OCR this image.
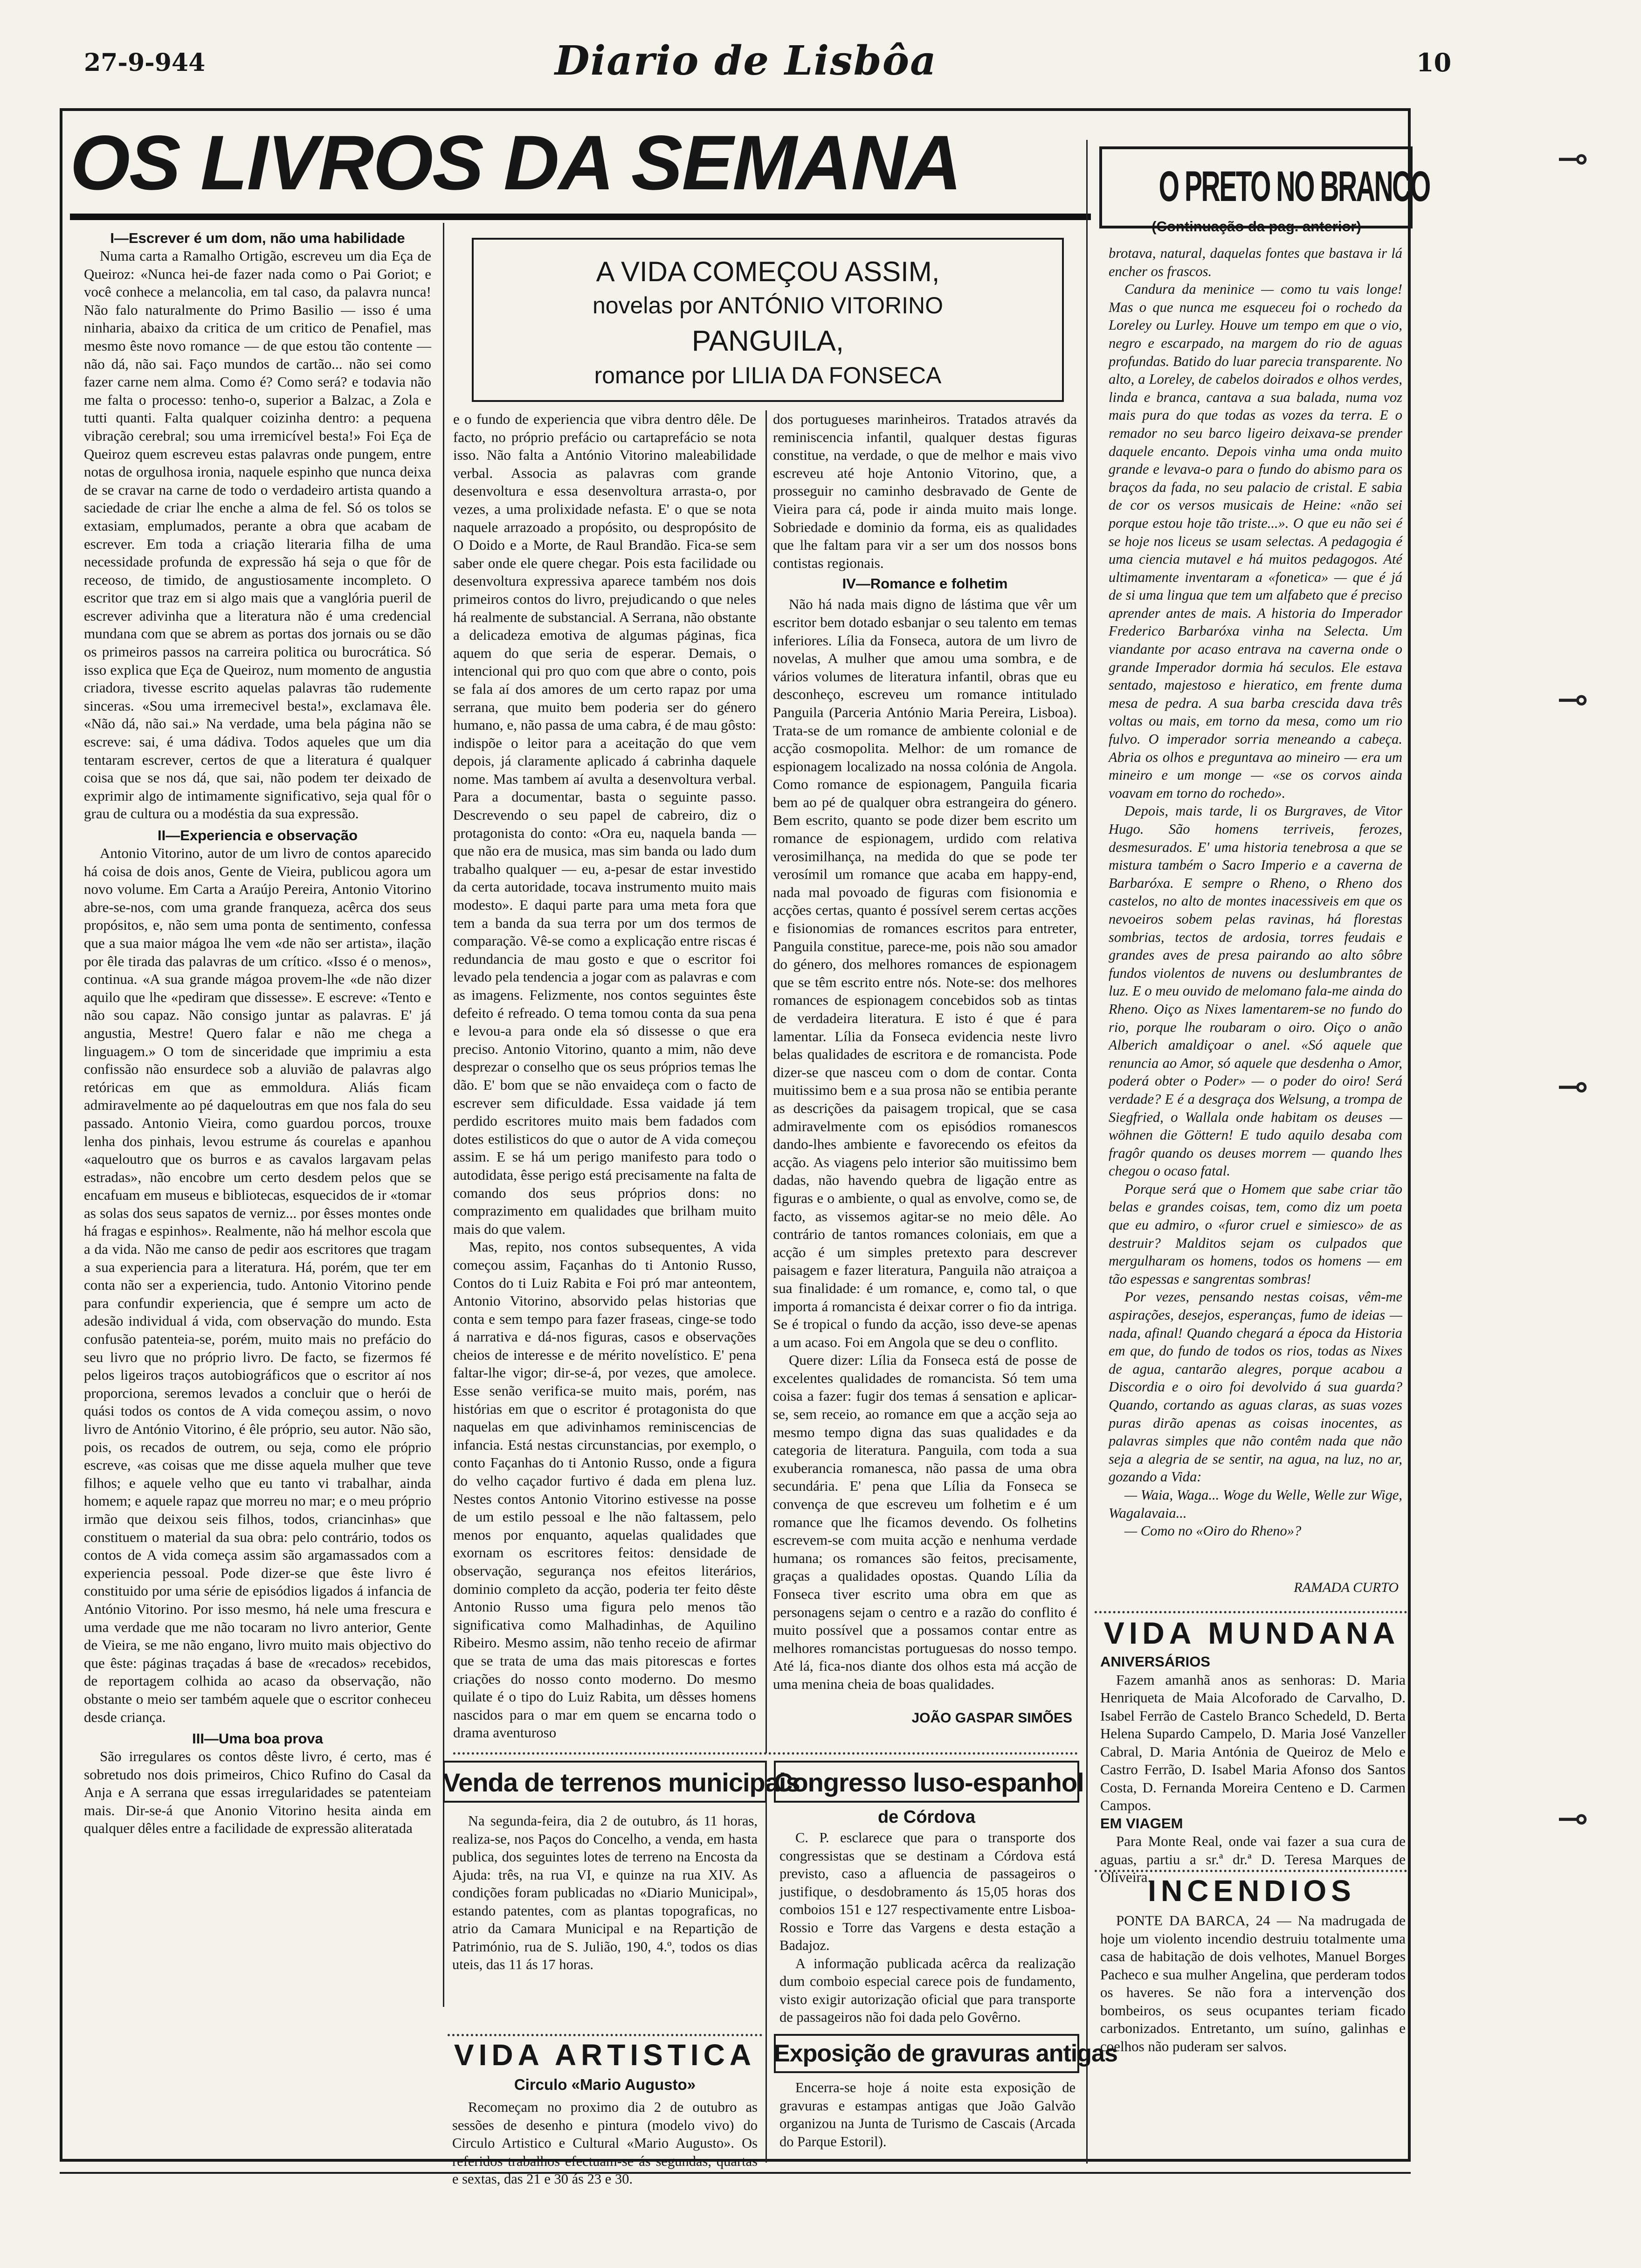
27-9-944	Diario de Lisbôa	10
OS LIVROS DA SEMANA
A VIDA COMEÇOU ASSIM,
novelas por ANTÓNIO VITORINO
PANGUILA,
romance por LILIA DA FONSECA
I—Escrever é um dom, não uma habilidade

Numa carta a Ramalho Ortigão, escreveu um dia Eça de Queiroz: «Nunca hei-de fazer nada como o Pai Goriot; e você conhece a melancolia, em tal caso, da palavra nunca! Não falo naturalmente do Primo Basilio — isso é uma ninharia, abaixo da critica de um critico de Penafiel, mas mesmo êste novo romance — de que estou tão contente — não dá, não sai. Faço mundos de cartão... não sei como fazer carne nem alma. Como é? Como será? e todavia não me falta o processo: tenho-o, superior a Balzac, a Zola e tutti quanti. Falta qualquer coizinha dentro: a pequena vibração cerebral; sou uma irremicível besta!» Foi Eça de Queiroz quem escreveu estas palavras onde pungem, entre notas de orgulhosa ironia, naquele espinho que nunca deixa de se cravar na carne de todo o verdadeiro artista quando a saciedade de criar lhe enche a alma de fel. Só os tolos se extasiam, emplumados, perante a obra que acabam de escrever. Em toda a criação literaria filha de uma necessidade profunda de expressão há seja o que fôr de receoso, de timido, de angustiosamente incompleto. O escritor que traz em si algo mais que a vanglória pueril de escrever adivinha que a literatura não é uma credencial mundana com que se abrem as portas dos jornais ou se dão os primeiros passos na carreira politica ou burocrática. Só isso explica que Eça de Queiroz, num momento de angustia criadora, tivesse escrito aquelas palavras tão rudemente sinceras. «Sou uma irremecivel besta!», exclamava êle. «Não dá, não sai.» Na verdade, uma bela página não se escreve: sai, é uma dádiva. Todos aqueles que um dia tentaram escrever, certos de que a literatura é qualquer coisa que se nos dá, que sai, não podem ter deixado de exprimir algo de intimamente significativo, seja qual fôr o grau de cultura ou a modéstia da sua expressão.

II—Experiencia e observação

Antonio Vitorino, autor de um livro de contos aparecido há coisa de dois anos, Gente de Vieira, publicou agora um novo volume. Em Carta a Araújo Pereira, Antonio Vitorino abre-se-nos, com uma grande franqueza, acêrca dos seus propósitos, e, não sem uma ponta de sentimento, confessa que a sua maior mágoa lhe vem «de não ser artista», ilação por êle tirada das palavras de um crítico. «Isso é o menos», continua. «A sua grande mágoa provem-lhe «de não dizer aquilo que lhe «pediram que dissesse». E escreve: «Tento e não sou capaz. Não consigo juntar as palavras. E' já angustia, Mestre! Quero falar e não me chega a linguagem.» O tom de sinceridade que imprimiu a esta confissão não ensurdece sob a aluvião de palavras algo retóricas em que as emmoldura. Aliás ficam admiravelmente ao pé daqueloutras em que nos fala do seu passado. Antonio Vieira, como guardou porcos, trouxe lenha dos pinhais, levou estrume ás courelas e apanhou «aqueloutro que os burros e as cavalos largavam pelas estradas», não encobre um certo desdem pelos que se encafuam em museus e bibliotecas, esquecidos de ir «tomar as solas dos seus sapatos de verniz... por êsses montes onde há fragas e espinhos». Realmente, não há melhor escola que a da vida. Não me canso de pedir aos escritores que tragam a sua experiencia para a literatura. Há, porém, que ter em conta não ser a experiencia, tudo. Antonio Vitorino pende para confundir experiencia, que é sempre um acto de adesão individual á vida, com observação do mundo. Esta confusão patenteia-se, porém, muito mais no prefácio do seu livro que no próprio livro. De facto, se fizermos fé pelos ligeiros traços autobiográficos que o escritor aí nos proporciona, seremos levados a concluir que o herói de quási todos os contos de A vida começou assim, o novo livro de António Vitorino, é êle próprio, seu autor. Não são, pois, os recados de outrem, ou seja, como ele próprio escreve, «as coisas que me disse aquela mulher que teve filhos; e aquele velho que eu tanto vi trabalhar, ainda homem; e aquele rapaz que morreu no mar; e o meu próprio irmão que deixou seis filhos, todos, criancinhas» que constituem o material da sua obra: pelo contrário, todos os contos de A vida começa assim são argamassados com a experiencia pessoal. Pode dizer-se que êste livro é constituido por uma série de episódios ligados á infancia de António Vitorino. Por isso mesmo, há nele uma frescura e uma verdade que me não tocaram no livro anterior, Gente de Vieira, se me não engano, livro muito mais objectivo do que êste: páginas traçadas á base de «recados» recebidos, de reportagem colhida ao acaso da observação, não obstante o meio ser também aquele que o escritor conheceu desde criança.

III—Uma boa prova

São irregulares os contos dêste livro, é certo, mas é sobretudo nos dois primeiros, Chico Rufino do Casal da Anja e A serrana que essas irregularidades se patenteiam mais. Dir-se-á que Anonio Vitorino hesita ainda em qualquer dêles entre a facilidade de expressão aliteratada

e o fundo de experiencia que vibra dentro dêle. De facto, no próprio prefácio ou cartaprefácio se nota isso. Não falta a António Vitorino maleabilidade verbal. Associa as palavras com grande desenvoltura e essa desenvoltura arrasta-o, por vezes, a uma prolixidade nefasta. E' o que se nota naquele arrazoado a propósito, ou despropósito de O Doido e a Morte, de Raul Brandão. Fica-se sem saber onde ele quere chegar. Pois esta facilidade ou desenvoltura expressiva aparece também nos dois primeiros contos do livro, prejudicando o que neles há realmente de substancial. A Serrana, não obstante a delicadeza emotiva de algumas páginas, fica aquem do que seria de esperar. Demais, o intencional qui pro quo com que abre o conto, pois se fala aí dos amores de um certo rapaz por uma serrana, que muito bem poderia ser do género humano, e, não passa de uma cabra, é de mau gôsto: indispõe o leitor para a aceitação do que vem depois, já claramente aplicado á cabrinha daquele nome. Mas tambem aí avulta a desenvoltura verbal. Para a documentar, basta o seguinte passo. Descrevendo o seu papel de cabreiro, diz o protagonista do conto: «Ora eu, naquela banda — que não era de musica, mas sim banda ou lado dum trabalho qualquer — eu, a-pesar de estar investido da certa autoridade, tocava instrumento muito mais modesto». E daqui parte para uma meta fora que tem a banda da sua terra por um dos termos de comparação. Vê-se como a explicação entre riscas é redundancia de mau gosto e que o escritor foi levado pela tendencia a jogar com as palavras e com as imagens. Felizmente, nos contos seguintes êste defeito é refreado. O tema tomou conta da sua pena e levou-a para onde ela só dissesse o que era preciso. Antonio Vitorino, quanto a mim, não deve desprezar o conselho que os seus próprios temas lhe dão. E' bom que se não envaideça com o facto de escrever sem dificuldade. Essa vaidade já tem perdido escritores muito mais bem fadados com dotes estilisticos do que o autor de A vida começou assim. E se há um perigo manifesto para todo o autodidata, êsse perigo está precisamente na falta de comando dos seus próprios dons: no comprazimento em qualidades que brilham muito mais do que valem.

Mas, repito, nos contos subsequentes, A vida começou assim, Façanhas do ti Antonio Russo, Contos do ti Luiz Rabita e Foi pró mar anteontem, Antonio Vitorino, absorvido pelas historias que conta e sem tempo para fazer fraseas, cinge-se todo á narrativa e dá-nos figuras, casos e observações cheios de interesse e de mérito novelístico. E' pena faltar-lhe vigor; dir-se-á, por vezes, que amolece. Esse senão verifica-se muito mais, porém, nas histórias em que o escritor é protagonista do que naquelas em que adivinhamos reminiscencias de infancia. Está nestas circunstancias, por exemplo, o conto Façanhas do ti Antonio Russo, onde a figura do velho caçador furtivo é dada em plena luz. Nestes contos Antonio Vitorino estivesse na posse de um estilo pessoal e lhe não faltassem, pelo menos por enquanto, aquelas qualidades que exornam os escritores feitos: densidade de observação, segurança nos efeitos literários, dominio completo da acção, poderia ter feito dêste Antonio Russo uma figura pelo menos tão significativa como Malhadinhas, de Aquilino Ribeiro. Mesmo assim, não tenho receio de afirmar que se trata de uma das mais pitorescas e fortes criações do nosso conto moderno. Do mesmo quilate é o tipo do Luiz Rabita, um dêsses homens nascidos para o mar em quem se encarna todo o drama aventuroso

dos portugueses marinheiros. Tratados através da reminiscencia infantil, qualquer destas figuras constitue, na verdade, o que de melhor e mais vivo escreveu até hoje Antonio Vitorino, que, a prosseguir no caminho desbravado de Gente de Vieira para cá, pode ir ainda muito mais longe. Sobriedade e dominio da forma, eis as qualidades que lhe faltam para vir a ser um dos nossos bons contistas regionais.

IV—Romance e folhetim

Não há nada mais digno de lástima que vêr um escritor bem dotado esbanjar o seu talento em temas inferiores. Lília da Fonseca, autora de um livro de novelas, A mulher que amou uma sombra, e de vários volumes de literatura infantil, obras que eu desconheço, escreveu um romance intitulado Panguila (Parceria António Maria Pereira, Lisboa). Trata-se de um romance de ambiente colonial e de acção cosmopolita. Melhor: de um romance de espionagem localizado na nossa colónia de Angola. Como romance de espionagem, Panguila ficaria bem ao pé de qualquer obra estrangeira do género. Bem escrito, quanto se pode dizer bem escrito um romance de espionagem, urdido com relativa verosimilhança, na medida do que se pode ter verosímil um romance que acaba em happy-end, nada mal povoado de figuras com fisionomia e acções certas, quanto é possível serem certas acções e fisionomias de romances escritos para entreter, Panguila constitue, parece-me, pois não sou amador do género, dos melhores romances de espionagem que se têm escrito entre nós. Note-se: dos melhores romances de espionagem concebidos sob as tintas de verdadeira literatura. E isto é que é para lamentar. Lília da Fonseca evidencia neste livro belas qualidades de escritora e de romancista. Pode dizer-se que nasceu com o dom de contar. Conta muitissimo bem e a sua prosa não se entibia perante as descrições da paisagem tropical, que se casa admiravelmente com os episódios romanescos dando-lhes ambiente e favorecendo os efeitos da acção. As viagens pelo interior são muitissimo bem dadas, não havendo quebra de ligação entre as figuras e o ambiente, o qual as envolve, como se, de facto, as vissemos agitar-se no meio dêle. Ao contrário de tantos romances coloniais, em que a acção é um simples pretexto para descrever paisagem e fazer literatura, Panguila não atraiçoa a sua finalidade: é um romance, e, como tal, o que importa á romancista é deixar correr o fio da intriga. Se é tropical o fundo da acção, isso deve-se apenas a um acaso. Foi em Angola que se deu o conflito.

Quere dizer: Lília da Fonseca está de posse de excelentes qualidades de romancista. Só tem uma coisa a fazer: fugir dos temas á sensation e aplicar-se, sem receio, ao romance em que a acção seja ao mesmo tempo digna das suas qualidades e da categoria de literatura. Panguila, com toda a sua exuberancia romanesca, não passa de uma obra secundária. E' pena que Lília da Fonseca se convença de que escreveu um folhetim e é um romance que lhe ficamos devendo. Os folhetins escrevem-se com muita acção e nenhuma verdade humana; os romances são feitos, precisamente, graças a qualidades opostas. Quando Lília da Fonseca tiver escrito uma obra em que as personagens sejam o centro e a razão do conflito é muito possível que a possamos contar entre as melhores romancistas portuguesas do nosso tempo. Até lá, fica-nos diante dos olhos esta má acção de uma menina cheia de boas qualidades.

JOÃO GASPAR SIMÕES
O PRETO NO BRANCO
(Continuação da pag. anterior)

brotava, natural, daquelas fontes que bastava ir lá encher os frascos.

Candura da meninice — como tu vais longe! Mas o que nunca me esqueceu foi o rochedo da Loreley ou Lurley. Houve um tempo em que o vio, negro e escarpado, na margem do rio de aguas profundas. Batido do luar parecia transparente. No alto, a Loreley, de cabelos doirados e olhos verdes, linda e branca, cantava a sua balada, numa voz mais pura do que todas as vozes da terra. E o remador no seu barco ligeiro deixava-se prender daquele encanto. Depois vinha uma onda muito grande e levava-o para o fundo do abismo para os braços da fada, no seu palacio de cristal. E sabia de cor os versos musicais de Heine: «não sei porque estou hoje tão triste...». O que eu não sei é se hoje nos liceus se usam selectas. A pedagogia é uma ciencia mutavel e há muitos pedagogos. Até ultimamente inventaram a «fonetica» — que é já de si uma lingua que tem um alfabeto que é preciso aprender antes de mais. A historia do Imperador Frederico Barbaróxa vinha na Selecta. Um viandante por acaso entrava na caverna onde o grande Imperador dormia há seculos. Ele estava sentado, majestoso e hieratico, em frente duma mesa de pedra. A sua barba crescida dava três voltas ou mais, em torno da mesa, como um rio fulvo. O imperador sorria meneando a cabeça. Abria os olhos e preguntava ao mineiro — era um mineiro e um monge — «se os corvos ainda voavam em torno do rochedo».

Depois, mais tarde, li os Burgraves, de Vitor Hugo. São homens terriveis, ferozes, desmesurados. E' uma historia tenebrosa a que se mistura também o Sacro Imperio e a caverna de Barbaróxa. E sempre o Rheno, o Rheno dos castelos, no alto de montes inacessiveis em que os nevoeiros sobem pelas ravinas, há florestas sombrias, tectos de ardosia, torres feudais e grandes aves de presa pairando ao alto sôbre fundos violentos de nuvens ou deslumbrantes de luz. E o meu ouvido de melomano fala-me ainda do Rheno. Oiço as Nixes lamentarem-se no fundo do rio, porque lhe roubaram o oiro. Oiço o anão Alberich amaldiçoar o anel. «Só aquele que renuncia ao Amor, só aquele que desdenha o Amor, poderá obter o Poder» — o poder do oiro! Será verdade? E é a desgraça dos Welsung, a trompa de Siegfried, o Wallala onde habitam os deuses — wöhnen die Göttern! E tudo aquilo desaba com fragôr quando os deuses morrem — quando lhes chegou o ocaso fatal.

Porque será que o Homem que sabe criar tão belas e grandes coisas, tem, como diz um poeta que eu admiro, o «furor cruel e simiesco» de as destruir? Malditos sejam os culpados que mergulharam os homens, todos os homens — em tão espessas e sangrentas sombras!

Por vezes, pensando nestas coisas, vêm-me aspirações, desejos, esperanças, fumo de ideias — nada, afinal! Quando chegará a época da Historia em que, do fundo de todos os rios, todas as Nixes de agua, cantarão alegres, porque acabou a Discordia e o oiro foi devolvido á sua guarda? Quando, cortando as aguas claras, as suas vozes puras dirão apenas as coisas inocentes, as palavras simples que não contêm nada que não seja a alegria de se sentir, na agua, na luz, no ar, gozando a Vida:

— Waia, Waga... Woge du Welle, Welle zur Wige, Wagalavaia...

— Como no «Oiro do Rheno»?

RAMADA CURTO
VIDA MUNDANA
ANIVERSÁRIOS

Fazem amanhã anos as senhoras: D. Maria Henriqueta de Maia Alcoforado de Carvalho, D. Isabel Ferrão de Castelo Branco Schedeld, D. Berta Helena Supardo Campelo, D. Maria José Vanzeller Cabral, D. Maria Antónia de Queiroz de Melo e Castro Ferrão, D. Isabel Maria Afonso dos Santos Costa, D. Fernanda Moreira Centeno e D. Carmen Campos.

EM VIAGEM

Para Monte Real, onde vai fazer a sua cura de aguas, partiu a sr.ª dr.ª D. Teresa Marques de Oliveira.

INCENDIOS

PONTE DA BARCA, 24 — Na madrugada de hoje um violento incendio destruiu totalmente uma casa de habitação de dois velhotes, Manuel Borges Pacheco e sua mulher Angelina, que perderam todos os haveres. Se não fora a intervenção dos bombeiros, os seus ocupantes teriam ficado carbonizados. Entretanto, um suíno, galinhas e coelhos não puderam ser salvos.

Venda de terrenos municipais

Na segunda-feira, dia 2 de outubro, ás 11 horas, realiza-se, nos Paços do Concelho, a venda, em hasta publica, dos seguintes lotes de terreno na Encosta da Ajuda: três, na rua VI, e quinze na rua XIV. As condições foram publicadas no «Diario Municipal», estando patentes, com as plantas topograficas, no atrio da Camara Municipal e na Repartição de Património, rua de S. Julião, 190, 4.º, todos os dias uteis, das 11 ás 17 horas.

VIDA ARTISTICA
Circulo «Mario Augusto»

Recomeçam no proximo dia 2 de outubro as sessões de desenho e pintura (modelo vivo) do Circulo Artistico e Cultural «Mario Augusto». Os referidos trabalhos efectuam-se ás segundas, quartas e sextas, das 21 e 30 ás 23 e 30.

Congresso luso-espanhol
de Córdova

C. P. esclarece que para o transporte dos congressistas que se destinam a Córdova está previsto, caso a afluencia de passageiros o justifique, o desdobramento ás 15,05 horas dos comboios 151 e 127 respectivamente entre Lisboa-Rossio e Torre das Vargens e desta estação a Badajoz.

A informação publicada acêrca da realização dum comboio especial carece pois de fundamento, visto exigir autorização oficial que para transporte de passageiros não foi dada pelo Govêrno.

Exposição de gravuras antigas

Encerra-se hoje á noite esta exposição de gravuras e estampas antigas que João Galvão organizou na Junta de Turismo de Cascais (Arcada do Parque Estoril).

⊸
⊸
⊸
⊸
